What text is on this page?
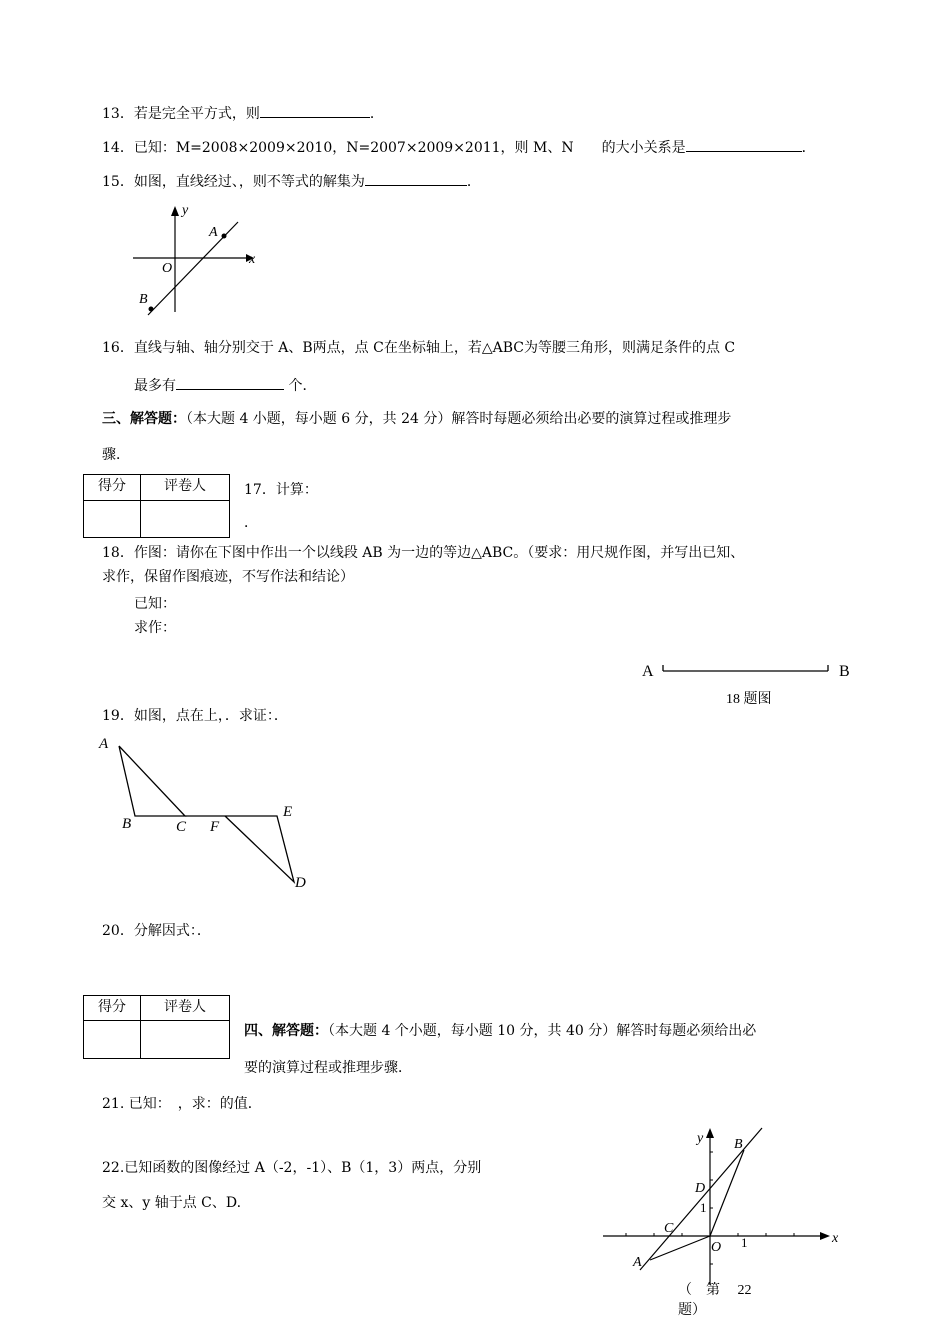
13．若是完全平方式，则	．
14．已知：M=2008×2009×2010，N=2007×2009×2011，则 M、N　　的大小关系是	．
15．如图，直线经过、，则不等式的解集为	．
y
x
O
A
B
16．直线与轴、轴分别交于 A、B两点，点 C在坐标轴上，若△ABC为等腰三角形，则满足条件的点 C
最多有	个．
三、解答题：（本大题 4 小题，每小题 6 分，共 24 分）解答时每题必须给出必要的演算过程或推理步
骤．
得分	评卷人
		17．计算：
．
18．作图：请你在下图中作出一个以线段 AB 为一边的等边△ABC。（要求：用尺规作图，并写出已知、
求作，保留作图痕迹，不写作法和结论）
已知：
求作：
A	B
18 题图
19．如图，点在上，．求证：．
A
B	C F
E
D
20．分解因式：．
得分	评卷人

四、解答题：（本大题 4 个小题，每小题 10 分，共 40 分）解答时每题必须给出必
要的演算过程或推理步骤．
21. 已知：　，求：的值．
22.已知函数的图像经过 A（-2，-1）、B（1，3）两点，分别
交 x、y 轴于点 C、D.
y
x
O 1
1
B
D
C
A
（　第　 22
题）
